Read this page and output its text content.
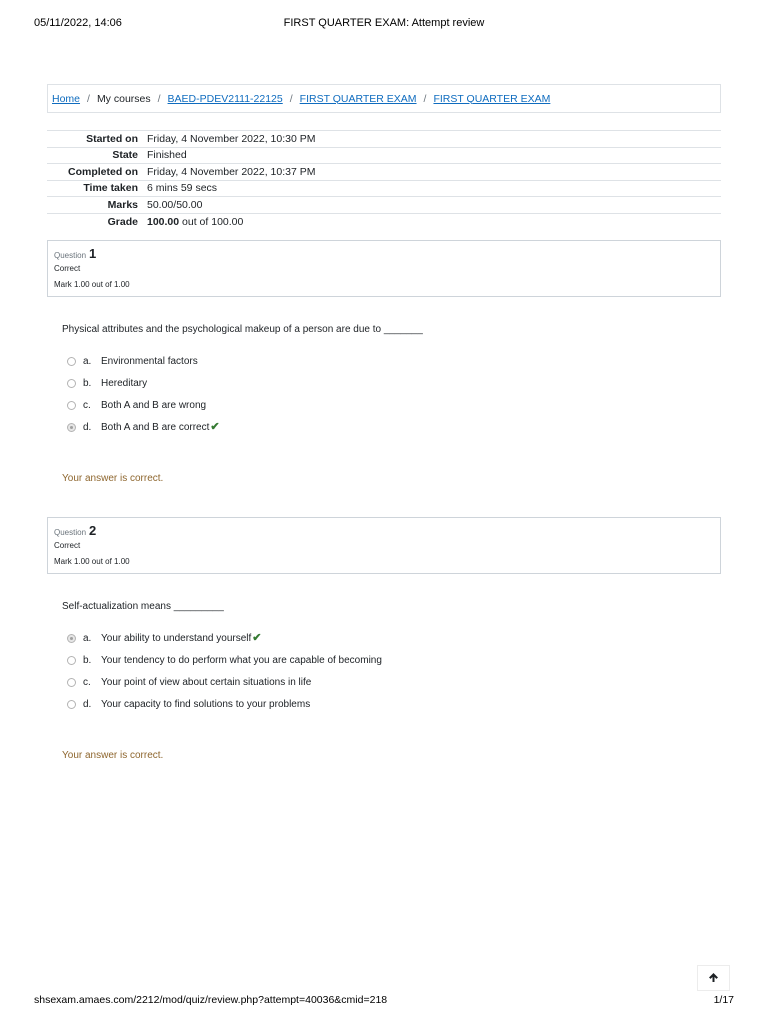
05/11/2022, 14:06	FIRST QUARTER EXAM: Attempt review
Home / My courses / BAED-PDEV2111-22125 / FIRST QUARTER EXAM / FIRST QUARTER EXAM
Started on	Friday, 4 November 2022, 10:30 PM
State	Finished
Completed on	Friday, 4 November 2022, 10:37 PM
Time taken	6 mins 59 secs
Marks	50.00/50.00
Grade	100.00 out of 100.00
Question 1
Correct
Mark 1.00 out of 1.00
Physical attributes and the psychological makeup of a person are due to _______
a. Environmental factors
b. Hereditary
c.	Both A and B are wrong
d. Both A and B are correct ✔
Your answer is correct.
Question 2
Correct
Mark 1.00 out of 1.00
Self-actualization means _________
a. Your ability to understand yourself ✔
b. Your tendency to do perform what you are capable of becoming
c.	Your point of view about certain situations in life
d. Your capacity to find solutions to your problems
Your answer is correct.
shsexam.amaes.com/2212/mod/quiz/review.php?attempt=40036&cmid=218	1/17
